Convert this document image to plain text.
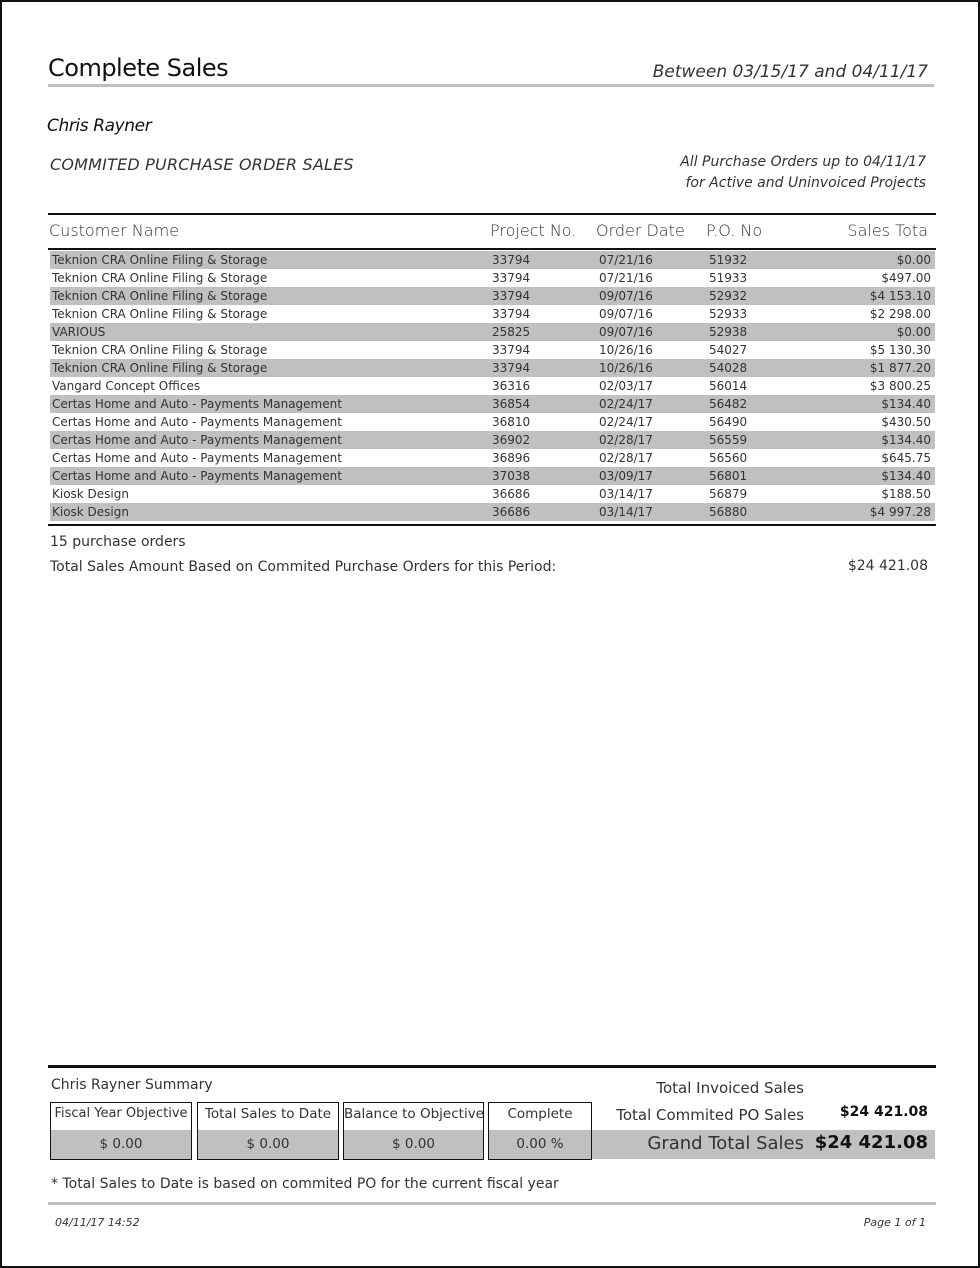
Complete Sales	Between 03/15/17 and 04/11/17
Chris Rayner
COMMITED PURCHASE ORDER SALES	All Purchase Orders up to 04/11/17
for Active and Uninvoiced Projects
Customer Name	Project No. Order Date P.O. No	Sales Tota
Teknion CRA Online Filing & Storage	33794	07/21/16	51932	$0.00
Teknion CRA Online Filing & Storage	33794	07/21/16	51933	$497.00
Teknion CRA Online Filing & Storage	33794	09/07/16	52932	$4 153.10
Teknion CRA Online Filing & Storage	33794	09/07/16	52933	$2 298.00
VARIOUS	25825	09/07/16	52938	$0.00
Teknion CRA Online Filing & Storage	33794	10/26/16	54027	$5 130.30
Teknion CRA Online Filing & Storage	33794	10/26/16	54028	$1 877.20
Vangard Concept Offices	36316	02/03/17	56014	$3 800.25
Certas Home and Auto - Payments Management	36854	02/24/17	56482	$134.40
Certas Home and Auto - Payments Management	36810	02/24/17	56490	$430.50
Certas Home and Auto - Payments Management	36902	02/28/17	56559	$134.40
Certas Home and Auto - Payments Management	36896	02/28/17	56560	$645.75
Certas Home and Auto - Payments Management	37038	03/09/17	56801	$134.40
Kiosk Design	36686	03/14/17	56879	$188.50
Kiosk Design	36686	03/14/17	56880	$4 997.28
15 purchase orders
Total Sales Amount Based on Commited Purchase Orders for this Period:	$24 421.08
Chris Rayner Summary
Fiscal Year Objective
$ 0.00
Total Sales to Date
$ 0.00
Balance to Objective
$ 0.00
Complete
0.00 %
Total Invoiced Sales
Total Commited PO Sales	$24 421.08
Grand Total Sales $24 421.08
* Total Sales to Date is based on commited PO for the current fiscal year
04/11/17 14:52	Page 1 of 1
